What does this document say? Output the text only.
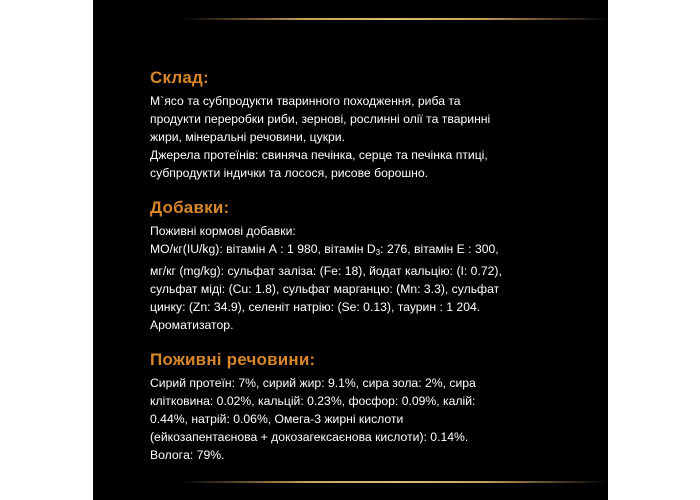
Склад:
М`ясо та субпродукти тваринного походження, риба та
продукти переробки риби, зернові, рослинні олії та тваринні
жири, мінеральні речовини, цукри.
Джерела протеїнів: свиняча печінка, серце та печінка птиці,
субпродукти індички та лосося, рисове борошно.
Добавки:
Поживні кормові добавки:
МО/кг(IU/kg): вітамін А : 1 980, вітамін $D_3$: 276, вітамін Е : 300,
мг/кг (mg/kg): сульфат заліза: (Fe: 18), йодат кальцію: (I: 0.72),
сульфат міді: (Cu: 1.8), сульфат марганцю: (Mn: 3.3), сульфат
цинку: (Zn: 34.9), селеніт натрію: (Se: 0.13), таурин : 1 204.
Ароматизатор.
Поживні речовини:
Сирий протеїн: 7%, сирий жир: 9.1%, сира зола: 2%, сира
клітковина: 0.02%, кальцій: 0.23%, фосфор: 0.09%, калій:
0.44%, натрій: 0.06%, Омега-3 жирні кислоти
(ейкозапентаєнова + докозагексаєнова кислоти): 0.14%.
Вологa: 79%.
